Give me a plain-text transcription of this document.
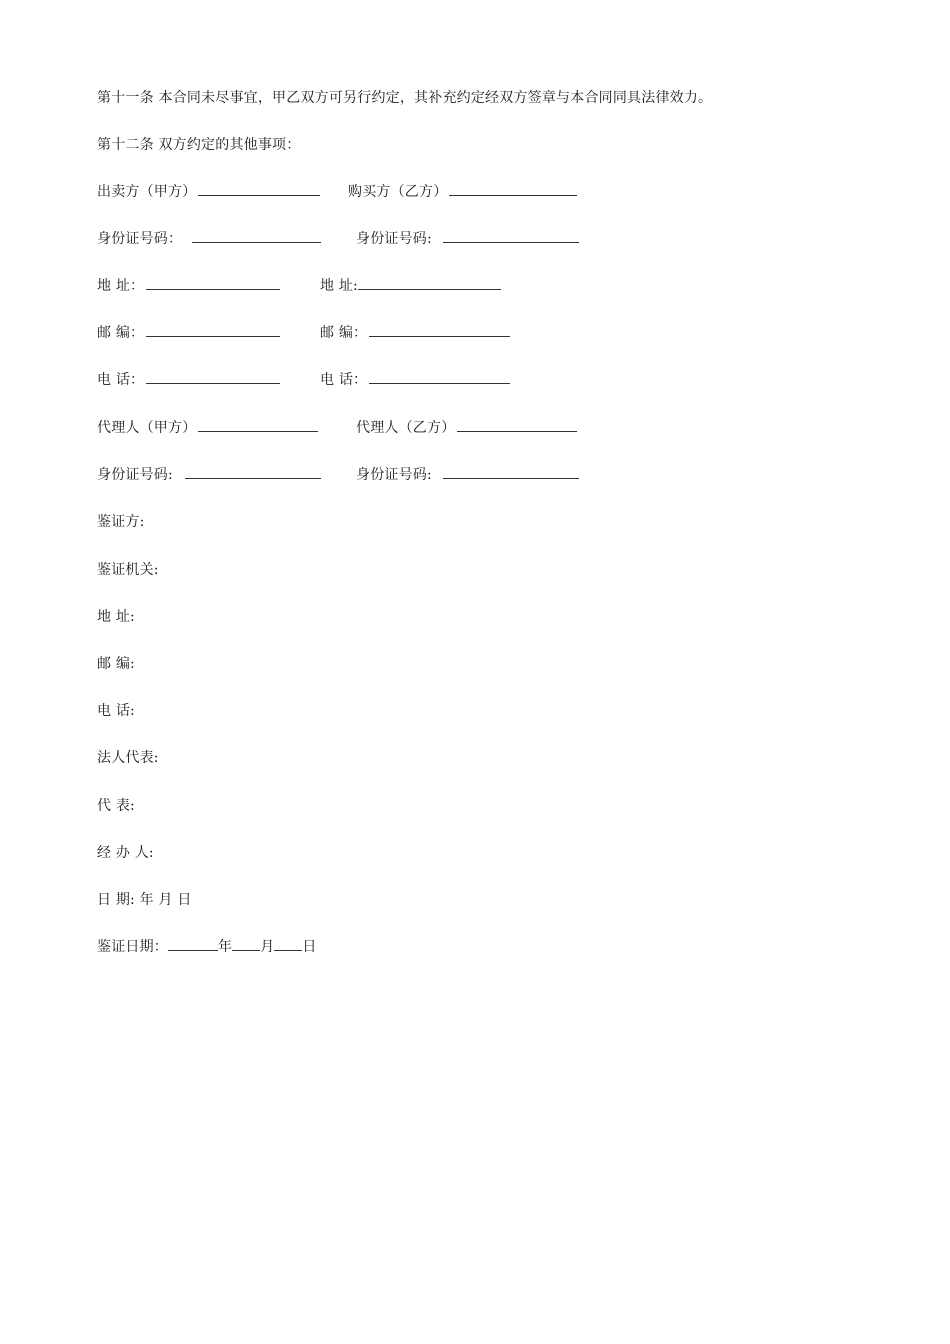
第十一条 本合同未尽事宜，甲乙双方可另行约定，其补充约定经双方签章与本合同同具法律效力。
第十二条 双方约定的其他事项：
出卖方（甲方）	购买方（乙方）
身份证号码：	身份证号码:
地 址：	地 址:
邮 编：	邮 编：
电 话：	电 话：
代理人（甲方）	代理人（乙方）
身份证号码:	身份证号码:
鉴证方:
鉴证机关:
地 址:
邮 编:
电 话:
法人代表:
代 表:
经 办 人:
日 期: 年 月 日
鉴证日期：	年 月 日
